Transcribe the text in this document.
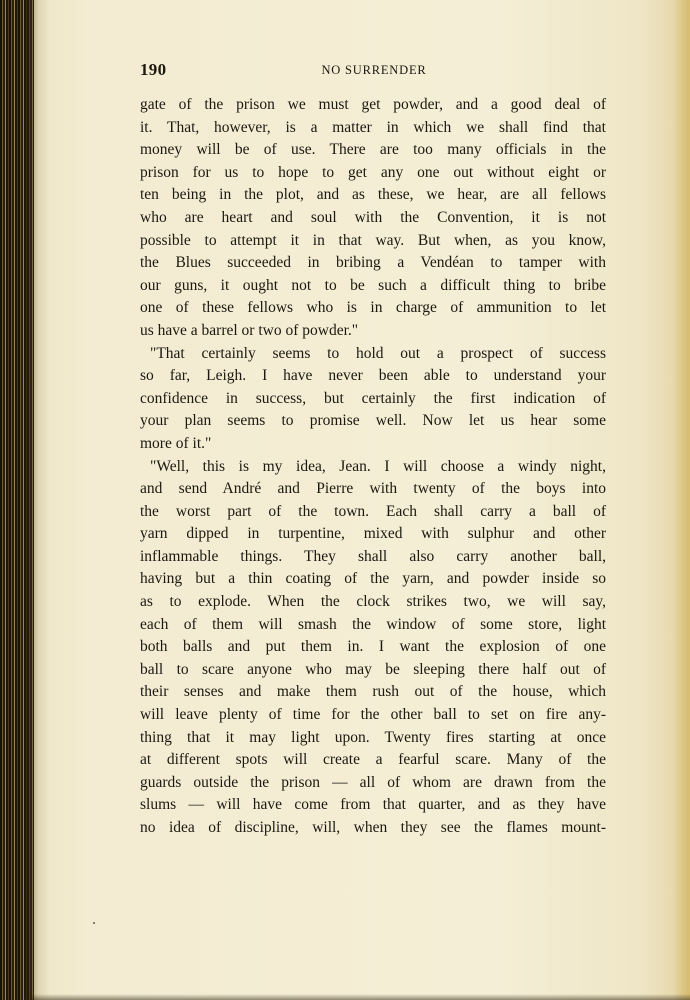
190	NO SURRENDER
gate of the prison we must get powder, and a good deal of
it. That, however, is a matter in which we shall find that
money will be of use. There are too many officials in the
prison for us to hope to get any one out without eight or
ten being in the plot, and as these, we hear, are all fellows
who are heart and soul with the Convention, it is not
possible to attempt it in that way. But when, as you know,
the Blues succeeded in bribing a Vendéan to tamper with
our guns, it ought not to be such a difficult thing to bribe
one of these fellows who is in charge of ammunition to let
us have a barrel or two of powder."
"That certainly seems to hold out a prospect of success
so far, Leigh. I have never been able to understand your
confidence in success, but certainly the first indication of
your plan seems to promise well. Now let us hear some
more of it."
"Well, this is my idea, Jean. I will choose a windy night,
and send André and Pierre with twenty of the boys into
the worst part of the town. Each shall carry a ball of
yarn dipped in turpentine, mixed with sulphur and other
inflammable things. They shall also carry another ball,
having but a thin coating of the yarn, and powder inside so
as to explode. When the clock strikes two, we will say,
each of them will smash the window of some store, light
both balls and put them in. I want the explosion of one
ball to scare anyone who may be sleeping there half out of
their senses and make them rush out of the house, which
will leave plenty of time for the other ball to set on fire any-
thing that it may light upon. Twenty fires starting at once
at different spots will create a fearful scare. Many of the
guards outside the prison — all of whom are drawn from the
slums — will have come from that quarter, and as they have
no idea of discipline, will, when they see the flames mount-
